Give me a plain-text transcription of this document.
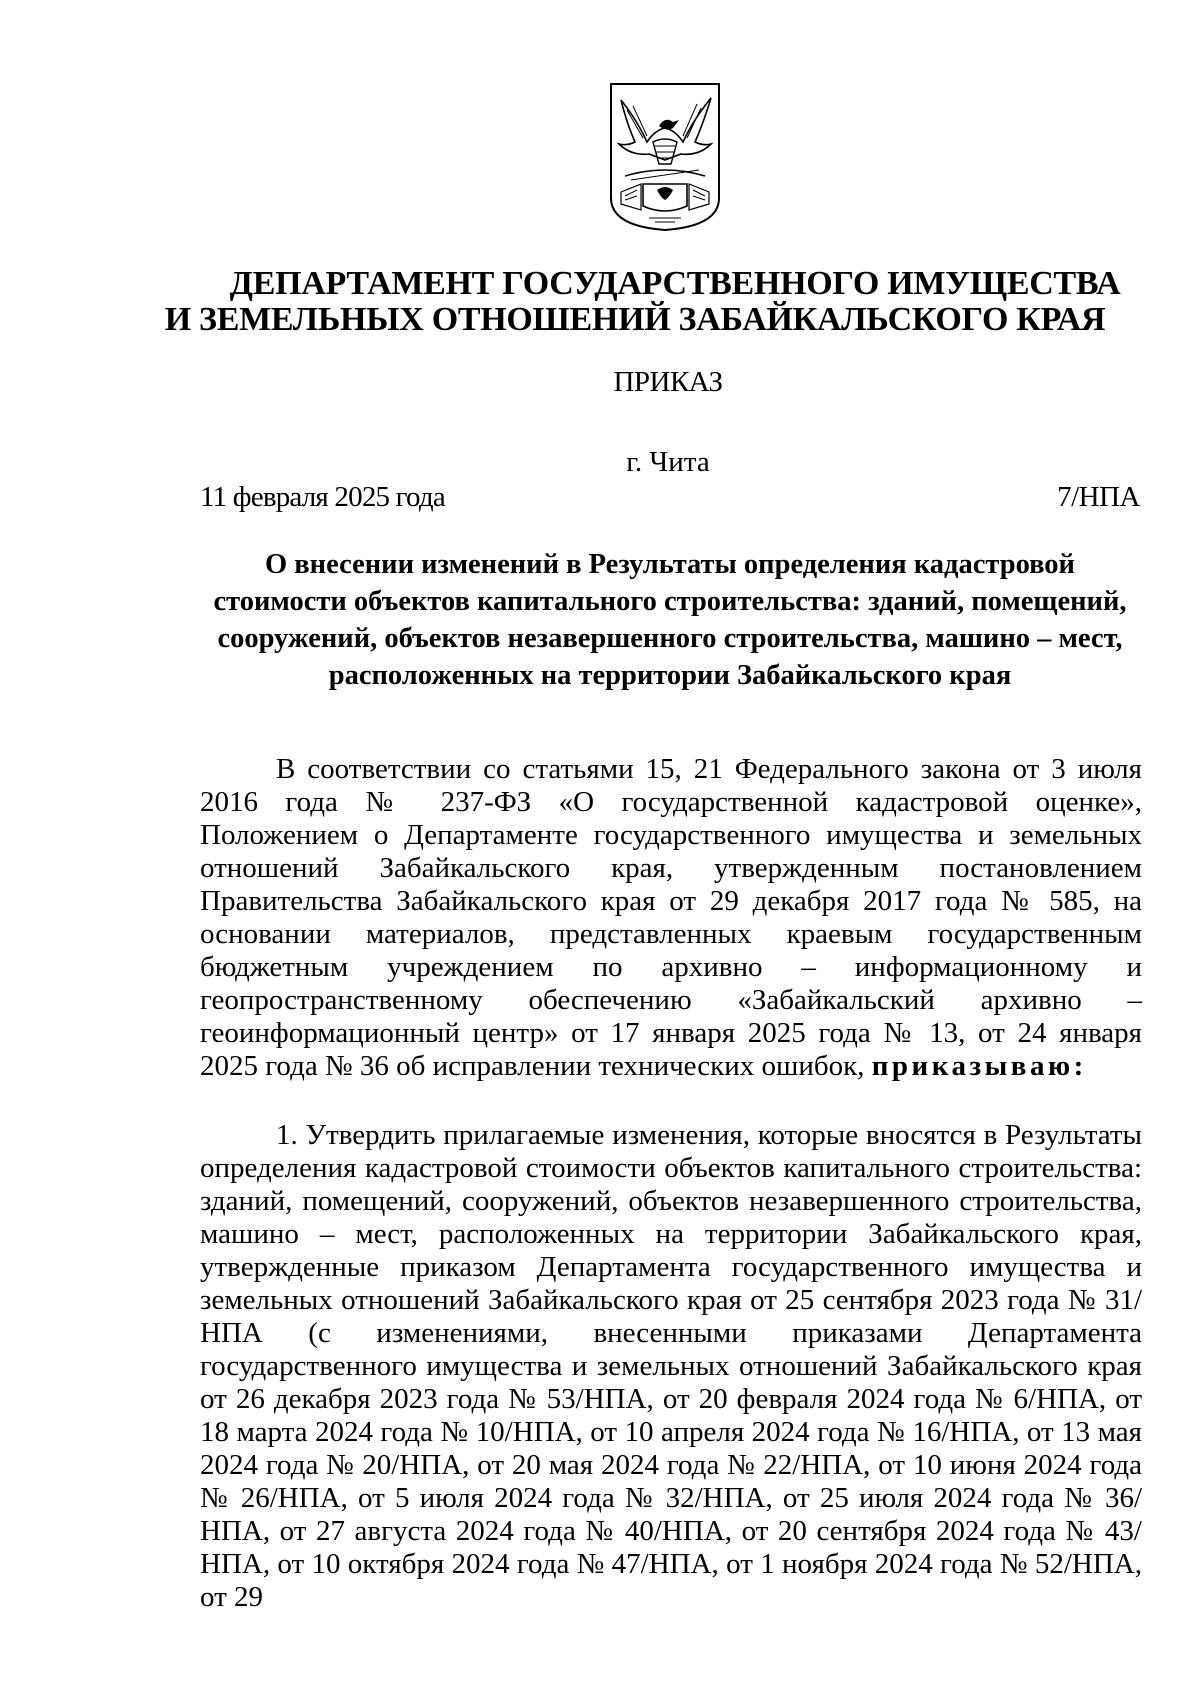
ДЕПАРТАМЕНТ ГОСУДАРСТВЕННОГО ИМУЩЕСТВА
И ЗЕМЕЛЬНЫХ ОТНОШЕНИЙ ЗАБАЙКАЛЬСКОГО КРАЯ
ПРИКАЗ
г. Чита
11 февраля 2025 года	7/НПА
О внесении изменений в Результаты определения кадастровой
стоимости объектов капитального строительства: зданий, помещений,
сооружений, объектов незавершенного строительства, машино – мест,
расположенных на территории Забайкальского края

В соответствии со статьями 15, 21 Федерального закона от 3 июля 2016 года № 237-ФЗ «О государственной кадастровой оценке», Положением о Департаменте государственного имущества и земельных отношений Забайкальского края, утвержденным постановлением Правительства Забайкальского края от 29 декабря 2017 года № 585, на основании материалов, представленных краевым государственным бюджетным учреждением по архивно – информационному и геопространственному обеспечению «Забайкальский архивно – геоинформационный центр» от 17 января 2025 года № 13, от 24 января 2025 года № 36 об исправлении технических ошибок, приказываю:

1. Утвердить прилагаемые изменения, которые вносятся в Результаты определения кадастровой стоимости объектов капитального строительства: зданий, помещений, сооружений, объектов незавершенного строительства, машино – мест, расположенных на территории Забайкальского края, утвержденные приказом Департамента государственного имущества и земельных отношений Забайкальского края от 25 сентября 2023 года № 31/НПА (с изменениями, внесенными приказами Департамента государственного имущества и земельных отношений Забайкальского края от 26 декабря 2023 года № 53/НПА, от 20 февраля 2024 года № 6/НПА, от 18 марта 2024 года № 10/НПА, от 10 апреля 2024 года № 16/НПА, от 13 мая 2024 года № 20/НПА, от 20 мая 2024 года № 22/НПА, от 10 июня 2024 года № 26/НПА, от 5 июля 2024 года № 32/НПА, от 25 июля 2024 года № 36/НПА, от 27 августа 2024 года № 40/НПА, от 20 сентября 2024 года № 43/НПА, от 10 октября 2024 года № 47/НПА, от 1 ноября 2024 года № 52/НПА, от 29
